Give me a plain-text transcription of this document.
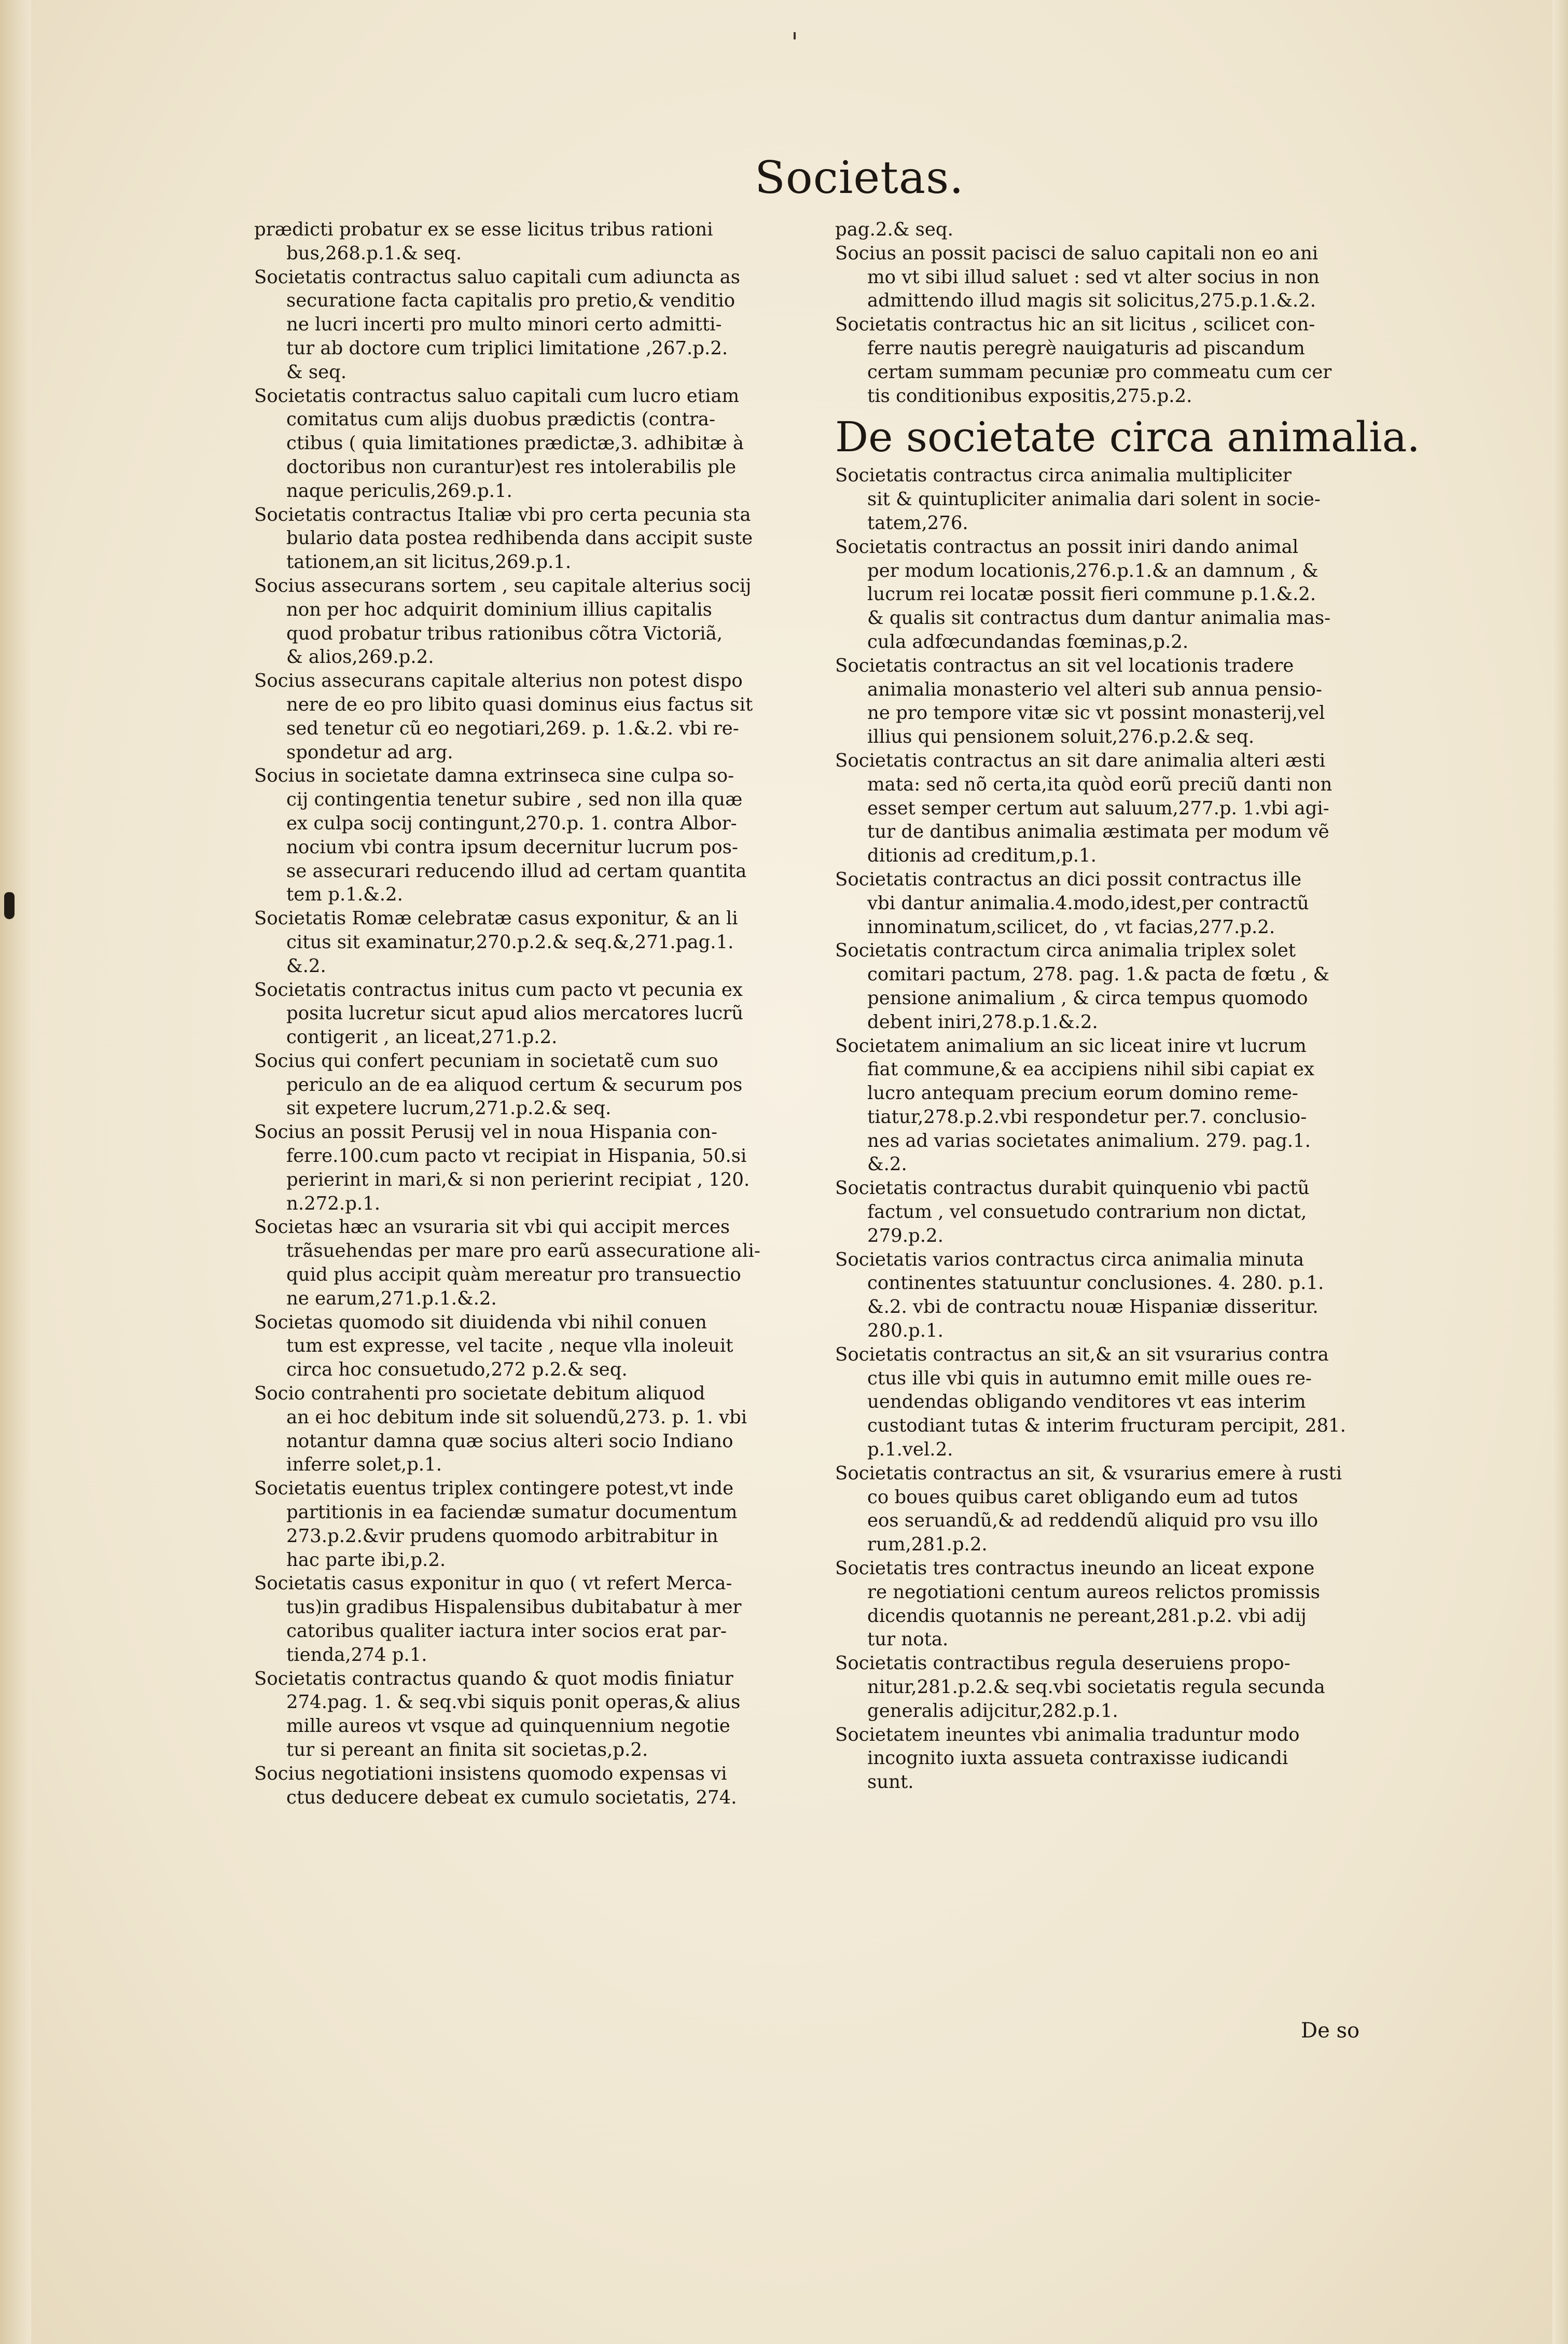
Societas.
prædicti probatur ex se esse licitus tribus rationi
bus,268.p.1.& seq.
Societatis contractus saluo capitali cum adiuncta as
securatione facta capitalis pro pretio,& venditio
ne lucri incerti pro multo minori certo admitti-
tur ab doctore cum triplici limitatione ,267.p.2.
& seq.
Societatis contractus saluo capitali cum lucro etiam
comitatus cum alijs duobus prædictis (contra-
ctibus ( quia limitationes prædictæ,3. adhibitæ à
doctoribus non curantur)est res intolerabilis ple
naque periculis,269.p.1.
Societatis contractus Italiæ vbi pro certa pecunia sta
bulario data postea redhibenda dans accipit suste
tationem,an sit licitus,269.p.1.
Socius assecurans sortem , seu capitale alterius socij
non per hoc adquirit dominium illius capitalis
quod probatur tribus rationibus cõtra Victoriã,
& alios,269.p.2.
Socius assecurans capitale alterius non potest dispo
nere de eo pro libito quasi dominus eius factus sit
sed tenetur cũ eo negotiari,269. p. 1.&.2. vbi re-
spondetur ad arg.
Socius in societate damna extrinseca sine culpa so-
cij contingentia tenetur subire , sed non illa quæ
ex culpa socij contingunt,270.p. 1. contra Albor-
nocium vbi contra ipsum decernitur lucrum pos-
se assecurari reducendo illud ad certam quantita
tem p.1.&.2.
Societatis Romæ celebratæ casus exponitur, & an li
citus sit examinatur,270.p.2.& seq.&,271.pag.1.
&.2.
Societatis contractus initus cum pacto vt pecunia ex
posita lucretur sicut apud alios mercatores lucrũ
contigerit , an liceat,271.p.2.
Socius qui confert pecuniam in societatẽ cum suo
periculo an de ea aliquod certum & securum pos
sit expetere lucrum,271.p.2.& seq.
Socius an possit Perusij vel in noua Hispania con-
ferre.100.cum pacto vt recipiat in Hispania, 50.si
perierint in mari,& si non perierint recipiat , 120.
n.272.p.1.
Societas hæc an vsuraria sit vbi qui accipit merces
trãsuehendas per mare pro earũ assecuratione ali-
quid plus accipit quàm mereatur pro transuectio
ne earum,271.p.1.&.2.
Societas quomodo sit diuidenda vbi nihil conuen
tum est expresse, vel tacite , neque vlla inoleuit
circa hoc consuetudo,272 p.2.& seq.
Socio contrahenti pro societate debitum aliquod
an ei hoc debitum inde sit soluendũ,273. p. 1. vbi
notantur damna quæ socius alteri socio Indiano
inferre solet,p.1.
Societatis euentus triplex contingere potest,vt inde
partitionis in ea faciendæ sumatur documentum
273.p.2.&vir prudens quomodo arbitrabitur in
hac parte ibi,p.2.
Societatis casus exponitur in quo ( vt refert Merca-
tus)in gradibus Hispalensibus dubitabatur à mer
catoribus qualiter iactura inter socios erat par-
tienda,274 p.1.
Societatis contractus quando & quot modis finiatur
274.pag. 1. & seq.vbi siquis ponit operas,& alius
mille aureos vt vsque ad quinquennium negotie
tur si pereant an finita sit societas,p.2.
Socius negotiationi insistens quomodo expensas vi
ctus deducere debeat ex cumulo societatis, 274.
pag.2.& seq.
Socius an possit pacisci de saluo capitali non eo ani
mo vt sibi illud saluet : sed vt alter socius in non
admittendo illud magis sit solicitus,275.p.1.&.2.
Societatis contractus hic an sit licitus , scilicet con-
ferre nautis peregrè nauigaturis ad piscandum
certam summam pecuniæ pro commeatu cum cer
tis conditionibus expositis,275.p.2.
De societate circa animalia.
Societatis contractus circa animalia multipliciter
sit & quintupliciter animalia dari solent in socie-
tatem,276.
Societatis contractus an possit iniri dando animal
per modum locationis,276.p.1.& an damnum , &
lucrum rei locatæ possit fieri commune p.1.&.2.
& qualis sit contractus dum dantur animalia mas-
cula adfœcundandas fœminas,p.2.
Societatis contractus an sit vel locationis tradere
animalia monasterio vel alteri sub annua pensio-
ne pro tempore vitæ sic vt possint monasterij,vel
illius qui pensionem soluit,276.p.2.& seq.
Societatis contractus an sit dare animalia alteri æsti
mata: sed nõ certa,ita quòd eorũ preciũ danti non
esset semper certum aut saluum,277.p. 1.vbi agi-
tur de dantibus animalia æstimata per modum vẽ
ditionis ad creditum,p.1.
Societatis contractus an dici possit contractus ille
vbi dantur animalia.4.modo,idest,per contractũ
innominatum,scilicet, do , vt facias,277.p.2.
Societatis contractum circa animalia triplex solet
comitari pactum, 278. pag. 1.& pacta de fœtu , &
pensione animalium , & circa tempus quomodo
debent iniri,278.p.1.&.2.
Societatem animalium an sic liceat inire vt lucrum
fiat commune,& ea accipiens nihil sibi capiat ex
lucro antequam precium eorum domino reme-
tiatur,278.p.2.vbi respondetur per.7. conclusio-
nes ad varias societates animalium. 279. pag.1.
&.2.
Societatis contractus durabit quinquenio vbi pactũ
factum , vel consuetudo contrarium non dictat,
279.p.2.
Societatis varios contractus circa animalia minuta
continentes statuuntur conclusiones. 4. 280. p.1.
&.2. vbi de contractu nouæ Hispaniæ disseritur.
280.p.1.
Societatis contractus an sit,& an sit vsurarius contra
ctus ille vbi quis in autumno emit mille oues re-
uendendas obligando venditores vt eas interim
custodiant tutas & interim fructuram percipit, 281.
p.1.vel.2.
Societatis contractus an sit, & vsurarius emere à rusti
co boues quibus caret obligando eum ad tutos
eos seruandũ,& ad reddendũ aliquid pro vsu illo
rum,281.p.2.
Societatis tres contractus ineundo an liceat expone
re negotiationi centum aureos relictos promissis
dicendis quotannis ne pereant,281.p.2. vbi adij
tur nota.
Societatis contractibus regula deseruiens propo-
nitur,281.p.2.& seq.vbi societatis regula secunda
generalis adijcitur,282.p.1.
Societatem ineuntes vbi animalia traduntur modo
incognito iuxta assueta contraxisse iudicandi
sunt.
De so
